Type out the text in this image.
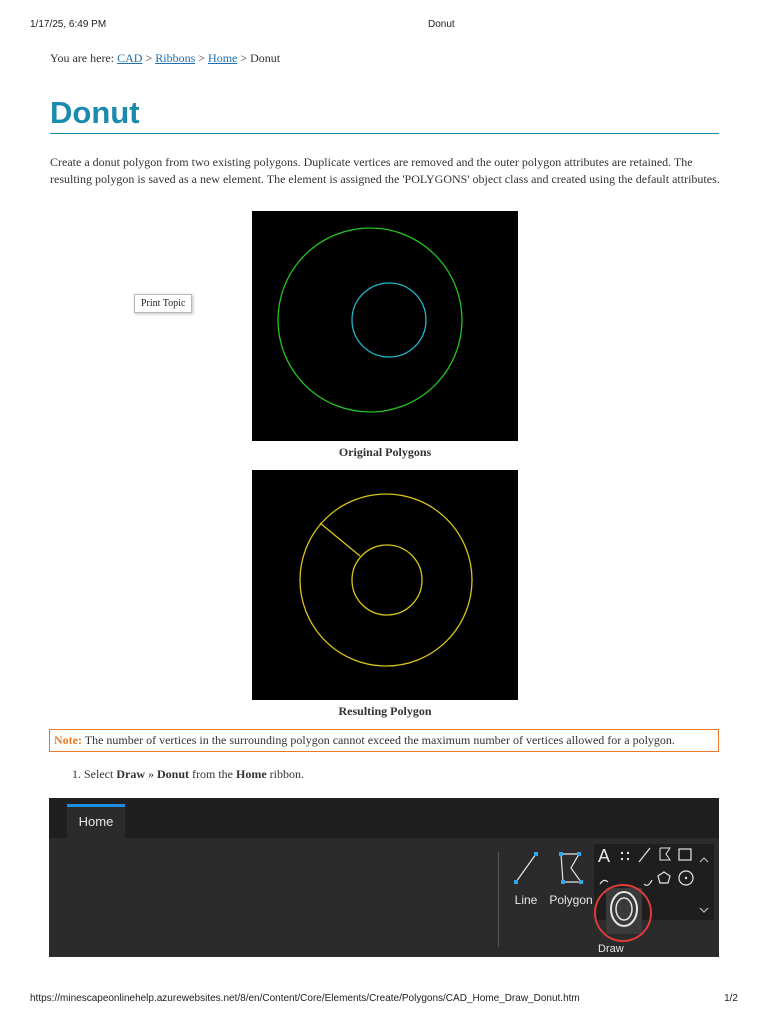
1/17/25, 6:49 PM	Donut
You are here: CAD > Ribbons > Home > Donut
Donut

Create a donut polygon from two existing polygons. Duplicate vertices are removed and the outer polygon attributes are retained. The resulting polygon is saved as a new element. The element is assigned the 'POLYGONS' object class and created using the default attributes.

Print Topic
Original Polygons
Resulting Polygon
Note: The number of vertices in the surrounding polygon cannot exceed the maximum number of vertices allowed for a polygon.
1. Select Draw » Donut from the Home ribbon.
Home
Line Polygon
A
Draw
https://minescapeonlinehelp.azurewebsites.net/8/en/Content/Core/Elements/Create/Polygons/CAD_Home_Draw_Donut.htm	1/2
